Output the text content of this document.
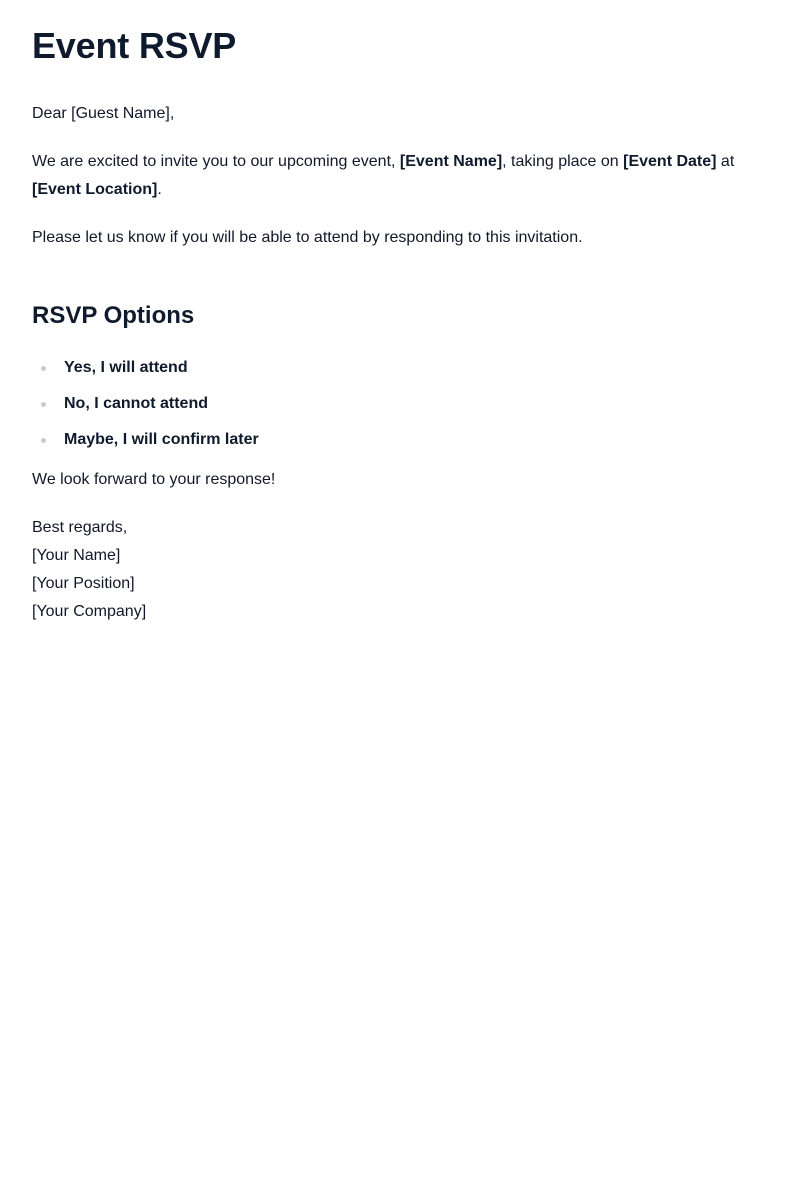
Event RSVP

Dear [Guest Name],

We are excited to invite you to our upcoming event, [Event Name], taking place on [Event Date] at [Event Location].

Please let us know if you will be able to attend by responding to this invitation.

RSVP Options
Yes, I will attend
No, I cannot attend
Maybe, I will confirm later

We look forward to your response!

Best regards,

[Your Name]

[Your Position]

[Your Company]
